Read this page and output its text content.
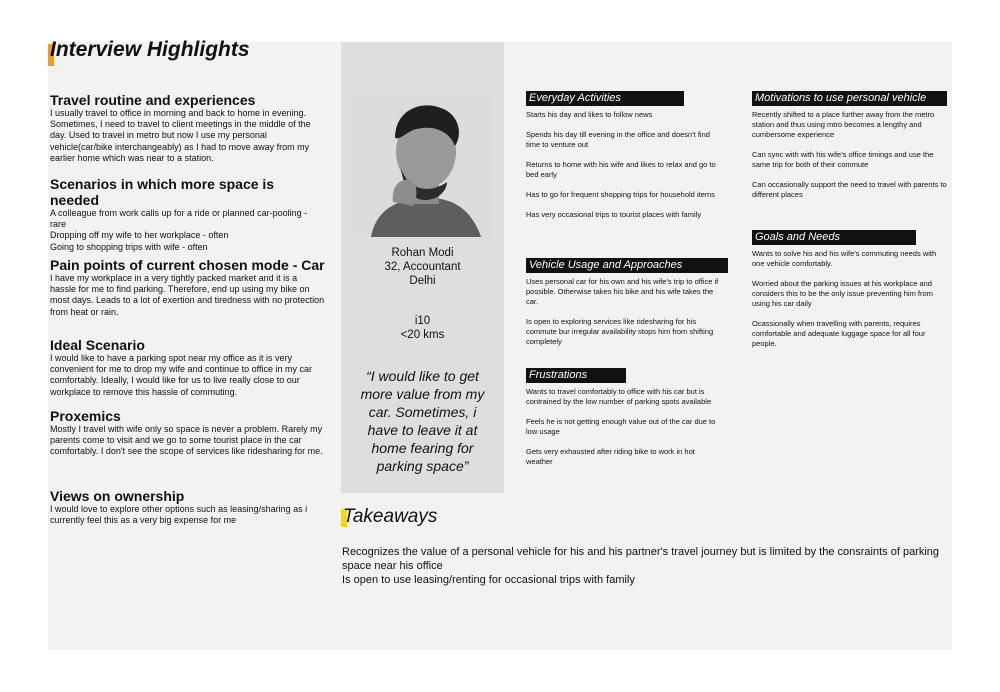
Interview Highlights
Travel routine and experiences

I usually travel to office in morning and back to home in evening. Sometimes, I need to travel to client meetings in the middle of the day. Used to travel in metro but now I use my personal vehicle(car/bike interchangeably) as I had to move away from my earlier home which was near to a station.

Scenarios in which more space is needed

A colleague from work calls up for a ride or planned car-pooling - rare
Dropping off my wife to her workplace - often
Going to shopping trips with wife - often

Pain points of current chosen mode - Car

I have my workplace in a very tightly packed market and it is a hassle for me to find parking. Therefore, end up using my bike on most days. Leads to a lot of exertion and tiredness with no protection from heat or rain.

Ideal Scenario

I would like to have a parking spot near my office as it is very convenient for me to drop my wife and continue to office in my car comfortably. Ideally, I would like for us to live really close to our workplace to remove this hassle of commuting.

Proxemics

Mostly I travel with wife only so space is never a problem. Rarely my parents come to visit and we go to some tourist place in the car comfortably. I don't see the scope of services like ridesharing for me.

Views on ownership

I would love to explore other options such as leasing/sharing as i currently feel this as a very big expense for me

Rohan Modi
32, Accountant
Delhi
i10
<20 kms
“I would like to get more value from my car. Sometimes, i have to leave it at home fearing for parking space”
Everyday Activities

Starts his day and likes to follow news

Spends his day till evening in the office and doesn't find time to venture out

Returns to home with his wife and likes to relax and go to bed early

Has to go for frequent shopping trips for household items

Has very occasional trips to tourist places with family

Vehicle Usage and Approaches

Uses personal car for his own and his wife's trip to office if possible. Otherwise takes his bike and his wife takes the car.

Is open to exploring services like ridesharing for his commute bur irregular availability stops him from shifting completely

Frustrations

Wants to travel comfortably to office with his car but is contrained by the low number of parking spots available

Feels he is not getting enough value out of the car due to low usage

Gets very exhausted after riding bike to work in hot weather

Motivations to use personal vehicle

Recently shifted to a place further away from the metro station and thus using mtro becomes a lengthy and cumbersome experience

Can sync with with his wife's office timings and use the same trip for both of their commute

Can occasionally support the need to travel with parents to different places

Goals and Needs

Wants to solve his and his wife's commuting needs with one vehicle comfortably.

Worried about the parking issues at his workplace and considers this to be the only issue preventing him from using his car daily

Ocassionally when travelling with parents, requires comfortable and adequate luggage space for all four people.

Takeaways

Recognizes the value of a personal vehicle for his and his partner's travel journey but is limited by the consraints of parking space near his office

Is open to use leasing/renting for occasional trips with family
